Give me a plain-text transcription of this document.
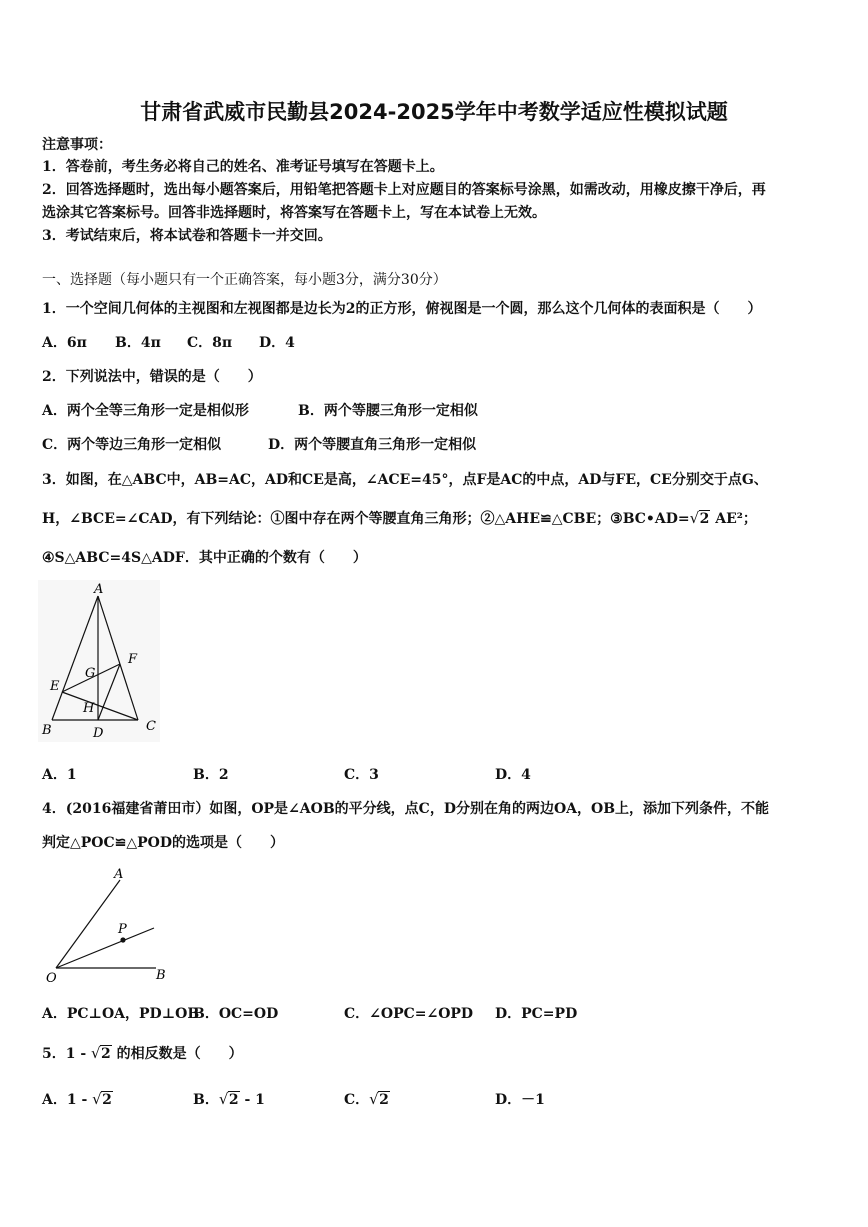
甘肃省武威市民勤县2024-2025学年中考数学适应性模拟试题
注意事项：
1．答卷前，考生务必将自己的姓名、准考证号填写在答题卡上。
2．回答选择题时，选出每小题答案后，用铅笔把答题卡上对应题目的答案标号涂黑，如需改动，用橡皮擦干净后，再
选涂其它答案标号。回答非选择题时，将答案写在答题卡上，写在本试卷上无效。
3．考试结束后，将本试卷和答题卡一并交回。
一、选择题（每小题只有一个正确答案，每小题3分，满分30分）
1．一个空间几何体的主视图和左视图都是边长为2的正方形，俯视图是一个圆，那么这个几何体的表面积是（　　）
A．6π B．4π C．8π D．4
2．下列说法中，错误的是（　　）
A．两个全等三角形一定是相似形	B．两个等腰三角形一定相似
C．两个等边三角形一定相似	D．两个等腰直角三角形一定相似
3．如图，在△ABC中，AB=AC，AD和CE是高，∠ACE=45°，点F是AC的中点，AD与FE，CE分别交于点G、
H，∠BCE=∠CAD，有下列结论：①图中存在两个等腰直角三角形；②△AHE≌△CBE；③BC•AD= √ 2 AE²；
④S△ABC=4S△ADF．其中正确的个数有（　　）
A
B	C
D
E
F
G
H
A．1	B．2	C．3	D．4
4．(2016福建省莆田市）如图，OP是∠AOB的平分线，点C，D分别在角的两边OA，OB上，添加下列条件，不能
判定△POC≌△POD的选项是（　　）
A
P
O	B
A．PC⊥OA，PD⊥OB
B．OC=OD	C．∠OPC=∠OPD D．PC=PD
5．1 - √ 2 的相反数是（　　）
A．1 - √ 2	B． √ 2 - 1	C． √ 2	D．－1
